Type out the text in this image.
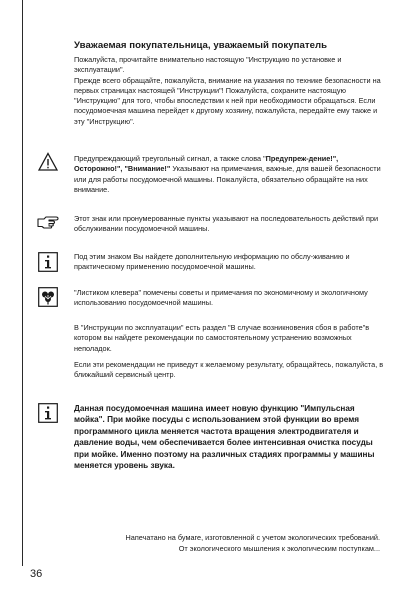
Уважаемая покупательница, уважаемый покупатель

Пожалуйста, прочитайте внимательно настоящую "Инструкцию по установке и эксплуатации".

Прежде всего обращайте, пожалуйста, внимание на указания по технике безопасности на первых страницах настоящей "Инструкции"! Пожалуйста, сохраните настоящую "Инструкцию" для того, чтобы впоследствии к ней при необходимости обращаться. Если посудомоечная машина перейдет к другому хозяину, пожалуйста, передайте ему также и эту "Инструкцию".

Предупреждающий треугольный сигнал, а также слова "Предупреж-дение!", Осторожно!", "Внимание!" Указывают на примечания, важные, для вашей безопасности или для работы посудомоечной машины. Пожалуйста, обязательно обращайте на них внимание.

Этот знак или пронумерованные пункты указывают на последовательность действий при обслуживании посудомоечной машины.

Под этим знаком Вы найдете дополнительную информацию по обслу-живанию и практическому применению посудомоечной машины.

"Листиком клевера" помечены советы и примечания по экономичному и экологичному использованию посудомоечной машины.

В "Инструкции по эксплуатации" есть раздел "В случае возникновения сбоя в работе"в котором вы найдете рекомендации по самостоятельному устранению возможных неполадок.

Если эти рекомендации не приведут к желаемому результату, обращайтесь, пожалуйста, в ближайший сервисный центр.

Данная посудомоечная машина имеет новую функцию "Импульсная мойка". При мойке посуды с использованием этой функции во время программного цикла меняется частота вращения электродвигателя и давление воды, чем обеспечивается более интенсивная очистка посуды при мойке. Именно поэтому на различных стадиях программы у машины меняется уровень звука.

Напечатано на бумаге, изготовленной с учетом экологических требований.
От экологического мышления к экологическим поступкам...
36
